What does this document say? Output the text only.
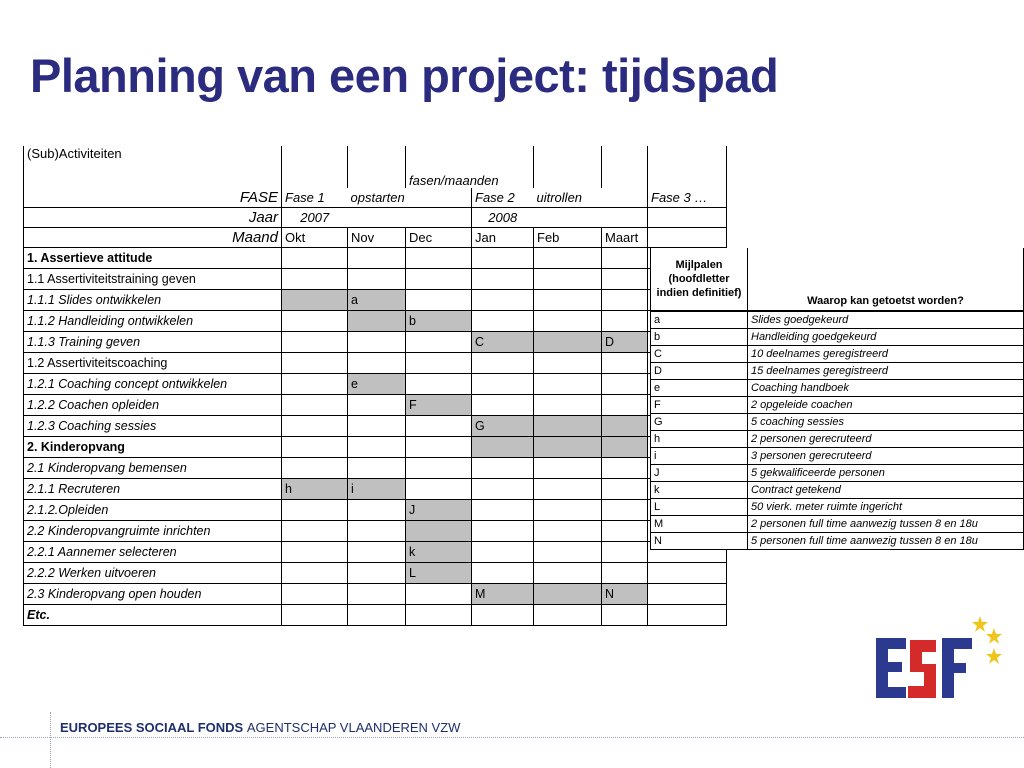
Planning van een project: tijdspad
(Sub)Activiteiten			fasen/maanden				
FASE	Fase 1	opstarten		Fase 2	uitrollen		Fase 3 …
Jaar	2007			2008			
Maand	Okt	Nov	Dec	Jan	Feb	Maart	
1. Assertieve attitude							
1.1 Assertiviteitstraining geven							
1.1.1 Slides ontwikkelen		a					
1.1.2 Handleiding ontwikkelen			b				
1.1.3 Training geven				C		D	
1.2 Assertiviteitscoaching							
1.2.1 Coaching concept ontwikkelen		e					
1.2.2 Coachen opleiden			F				
1.2.3 Coaching sessies				G			
2. Kinderopvang							
2.1 Kinderopvang bemensen							
2.1.1 Recruteren	h	i					
2.1.2.Opleiden			J				
2.2 Kinderopvangruimte inrichten							
2.2.1 Aannemer selecteren			k				
2.2.2 Werken uitvoeren			L				
2.3 Kinderopvang open houden				M		N	
Etc.							
Mijlpalen (hoofdletter indien definitief)	Waarop kan getoetst worden?
a	Slides goedgekeurd
b	Handleiding goedgekeurd
C	10 deelnames geregistreerd
D	15 deelnames geregistreerd
e	Coaching handboek
F	2 opgeleide coachen
G	5 coaching sessies
h	2 personen gerecruteerd
i	3 personen gerecruteerd
J	5 gekwalificeerde personen
k	Contract getekend
L	50 vierk. meter ruimte ingericht
M	2 personen full time aanwezig tussen 8 en 18u
N	5 personen full time aanwezig tussen 8 en 18u
EUROPEES SOCIAAL FONDS AGENTSCHAP VLAANDEREN VZW
